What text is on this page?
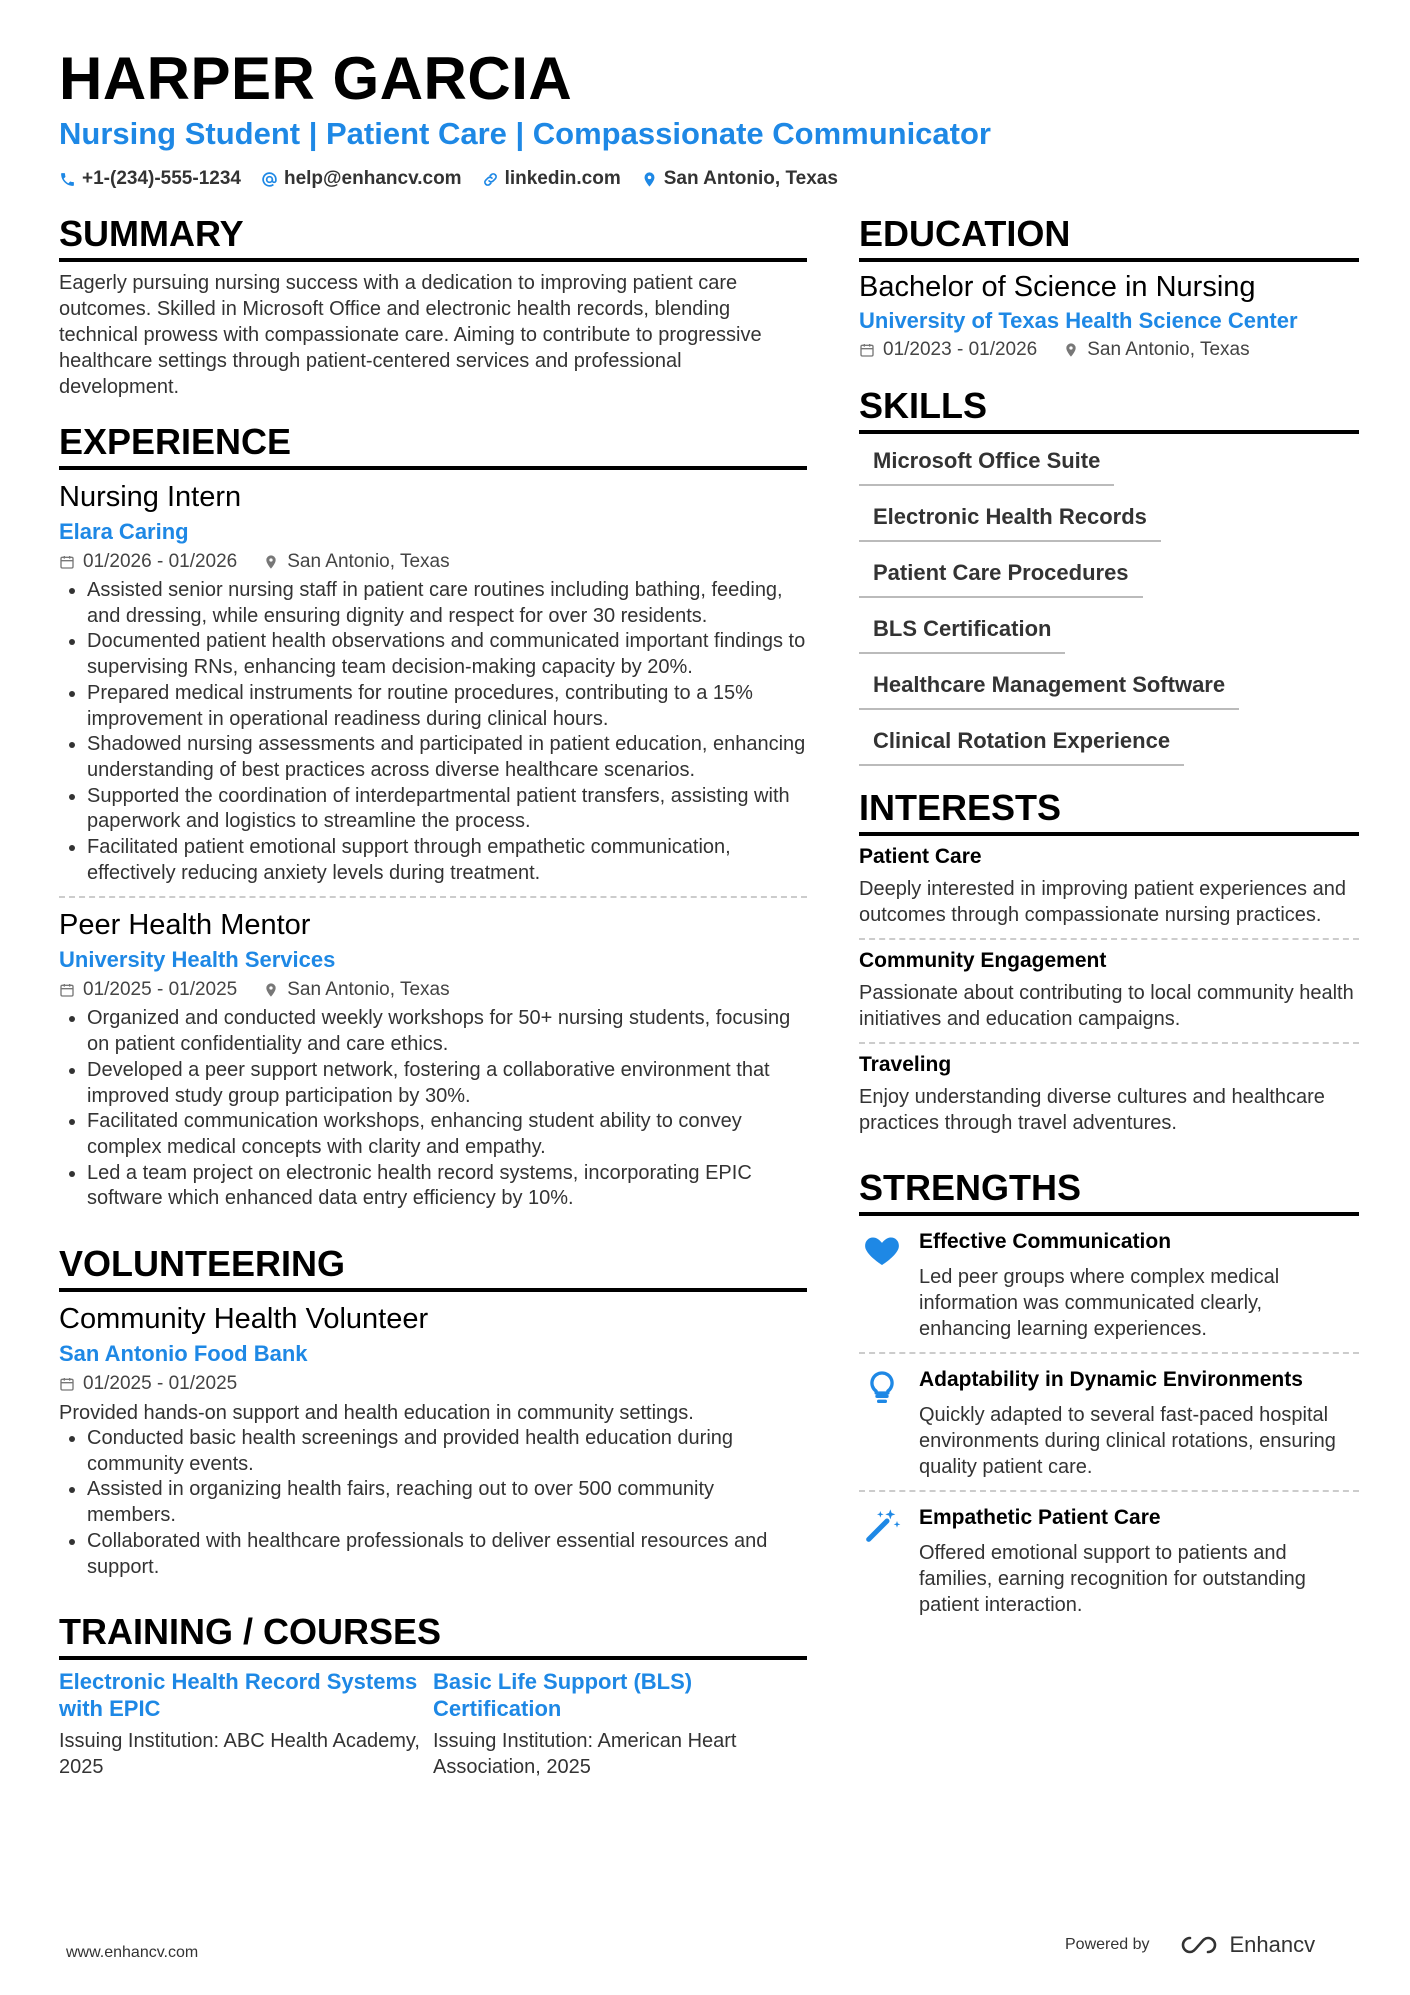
HARPER GARCIA
Nursing Student | Patient Care | Compassionate Communicator
+1-(234)-555-1234 help@enhancv.com linkedin.com San Antonio, Texas
SUMMARY
Eagerly pursuing nursing success with a dedication to improving patient care outcomes. Skilled in Microsoft Office and electronic health records, blending technical prowess with compassionate care. Aiming to contribute to progressive healthcare settings through patient-centered services and professional development.
EXPERIENCE
Nursing Intern
Elara Caring
01/2026 - 01/2026	San Antonio, Texas
• Assisted senior nursing staff in patient care routines including bathing, feeding, and dressing, while ensuring dignity and respect for over 30 residents.
• Documented patient health observations and communicated important findings to supervising RNs, enhancing team decision-making capacity by 20%.
• Prepared medical instruments for routine procedures, contributing to a 15% improvement in operational readiness during clinical hours.
• Shadowed nursing assessments and participated in patient education, enhancing understanding of best practices across diverse healthcare scenarios.
• Supported the coordination of interdepartmental patient transfers, assisting with paperwork and logistics to streamline the process.
• Facilitated patient emotional support through empathetic communication, effectively reducing anxiety levels during treatment.
Peer Health Mentor
University Health Services
01/2025 - 01/2025	San Antonio, Texas
• Organized and conducted weekly workshops for 50+ nursing students, focusing on patient confidentiality and care ethics.
• Developed a peer support network, fostering a collaborative environment that improved study group participation by 30%.
• Facilitated communication workshops, enhancing student ability to convey complex medical concepts with clarity and empathy.
• Led a team project on electronic health record systems, incorporating EPIC software which enhanced data entry efficiency by 10%.
VOLUNTEERING
Community Health Volunteer
San Antonio Food Bank
01/2025 - 01/2025
Provided hands-on support and health education in community settings.
• Conducted basic health screenings and provided health education during community events.
• Assisted in organizing health fairs, reaching out to over 500 community members.
• Collaborated with healthcare professionals to deliver essential resources and support.
TRAINING / COURSES
Electronic Health Record Systems with EPIC
Issuing Institution: ABC Health Academy, 2025
Basic Life Support (BLS) Certification
Issuing Institution: American Heart Association, 2025
EDUCATION
Bachelor of Science in Nursing
University of Texas Health Science Center
01/2023 - 01/2026	San Antonio, Texas
SKILLS
Microsoft Office Suite
Electronic Health Records
Patient Care Procedures
BLS Certification
Healthcare Management Software
Clinical Rotation Experience
INTERESTS
Patient Care
Deeply interested in improving patient experiences and outcomes through compassionate nursing practices.
Community Engagement
Passionate about contributing to local community health initiatives and education campaigns.
Traveling
Enjoy understanding diverse cultures and healthcare practices through travel adventures.
STRENGTHS
Effective Communication
Led peer groups where complex medical information was communicated clearly, enhancing learning experiences.
Adaptability in Dynamic Environments
Quickly adapted to several fast-paced hospital environments during clinical rotations, ensuring quality patient care.
Empathetic Patient Care
Offered emotional support to patients and families, earning recognition for outstanding patient interaction.
www.enhancv.com	Powered by	Enhancv
